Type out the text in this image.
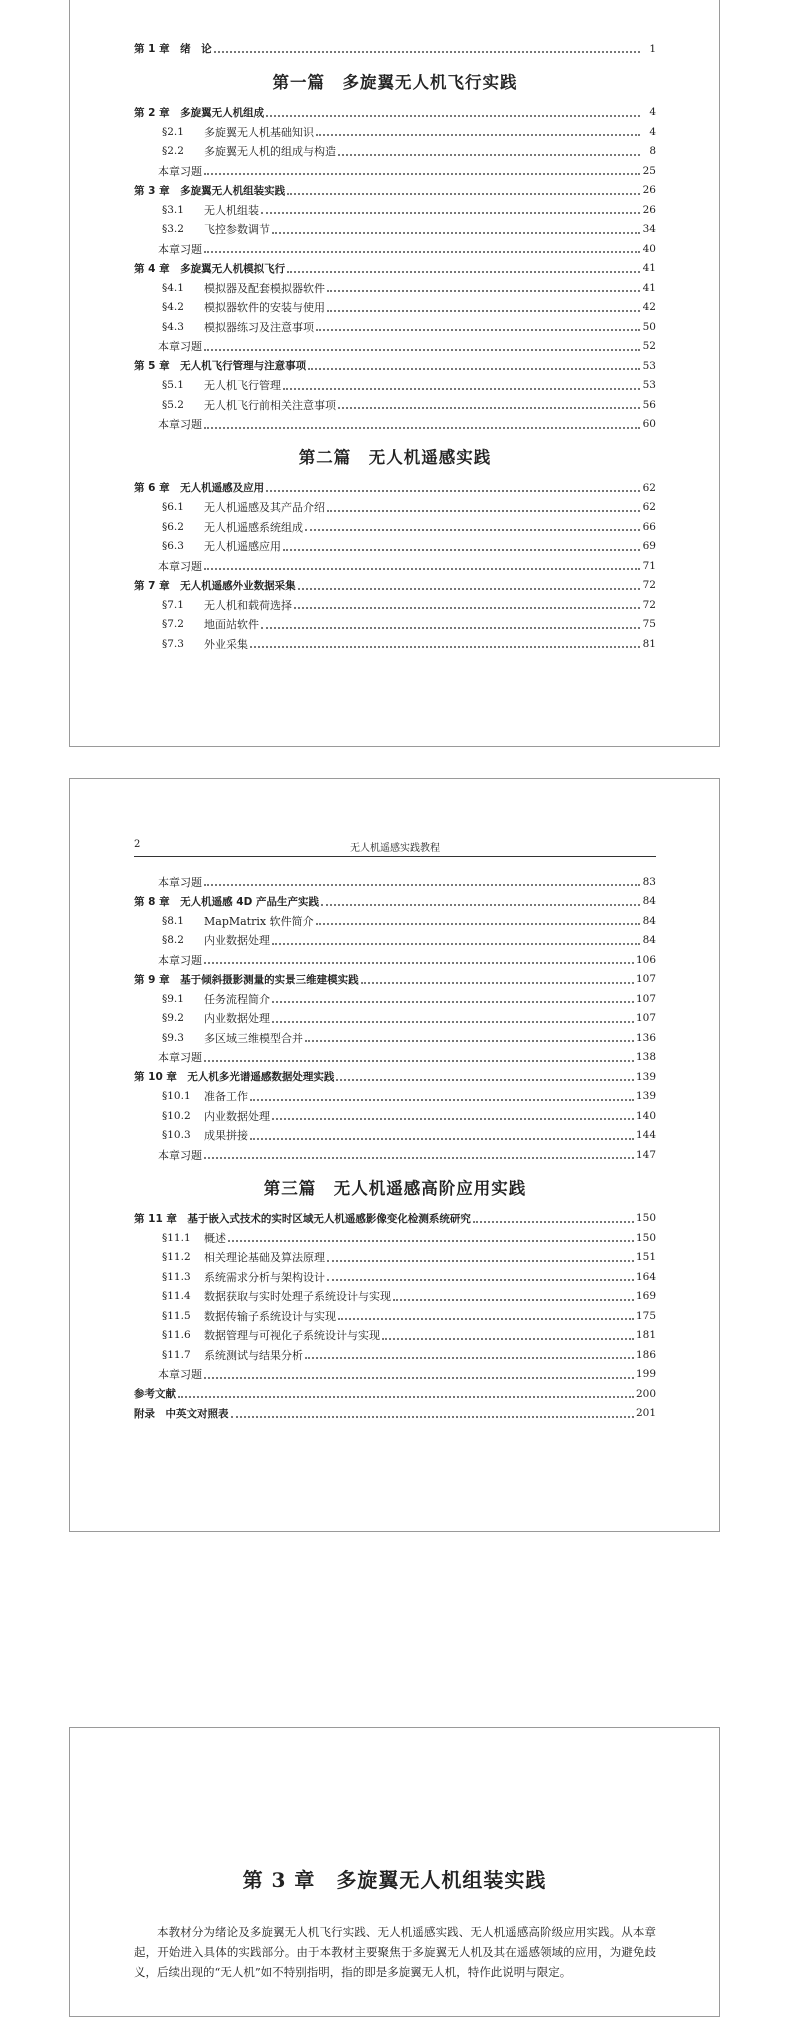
第 1 章　绪　论	1
第一篇　多旋翼无人机飞行实践
第 2 章　多旋翼无人机组成	4
§2.1	多旋翼无人机基础知识	4
§2.2	多旋翼无人机的组成与构造	8
本章习题	25
第 3 章　多旋翼无人机组装实践	26
§3.1	无人机组装	26
§3.2	飞控参数调节	34
本章习题	40
第 4 章　多旋翼无人机模拟飞行	41
§4.1	模拟器及配套模拟器软件	41
§4.2	模拟器软件的安装与使用	42
§4.3	模拟器练习及注意事项	50
本章习题	52
第 5 章　无人机飞行管理与注意事项	53
§5.1	无人机飞行管理	53
§5.2	无人机飞行前相关注意事项	56
本章习题	60
第二篇　无人机遥感实践
第 6 章　无人机遥感及应用	62
§6.1	无人机遥感及其产品介绍	62
§6.2	无人机遥感系统组成	66
§6.3	无人机遥感应用	69
本章习题	71
第 7 章　无人机遥感外业数据采集	72
§7.1	无人机和载荷选择	72
§7.2	地面站软件	75
§7.3	外业采集	81
2	无人机遥感实践教程
本章习题	83
第 8 章　无人机遥感 4D 产品生产实践	84
§8.1	MapMatrix 软件简介	84
§8.2	内业数据处理	84
本章习题	106
第 9 章　基于倾斜摄影测量的实景三维建模实践	107
§9.1	任务流程简介	107
§9.2	内业数据处理	107
§9.3	多区域三维模型合并	136
本章习题	138
第 10 章　无人机多光谱遥感数据处理实践	139
§10.1	准备工作	139
§10.2	内业数据处理	140
§10.3	成果拼接	144
本章习题	147
第三篇　无人机遥感高阶应用实践
第 11 章　基于嵌入式技术的实时区域无人机遥感影像变化检测系统研究	150
§11.1	概述	150
§11.2	相关理论基础及算法原理	151
§11.3	系统需求分析与架构设计	164
§11.4	数据获取与实时处理子系统设计与实现	169
§11.5	数据传输子系统设计与实现	175
§11.6	数据管理与可视化子系统设计与实现	181
§11.7	系统测试与结果分析	186
本章习题	199
参考文献	200
附录　中英文对照表	201
第 3 章　多旋翼无人机组装实践

本教材分为绪论及多旋翼无人机飞行实践、无人机遥感实践、无人机遥感高阶级应用实践。从本章起，开始进入具体的实践部分。由于本教材主要聚焦于多旋翼无人机及其在遥感领域的应用，为避免歧义，后续出现的“无人机”如不特别指明，指的即是多旋翼无人机，特作此说明与限定。
